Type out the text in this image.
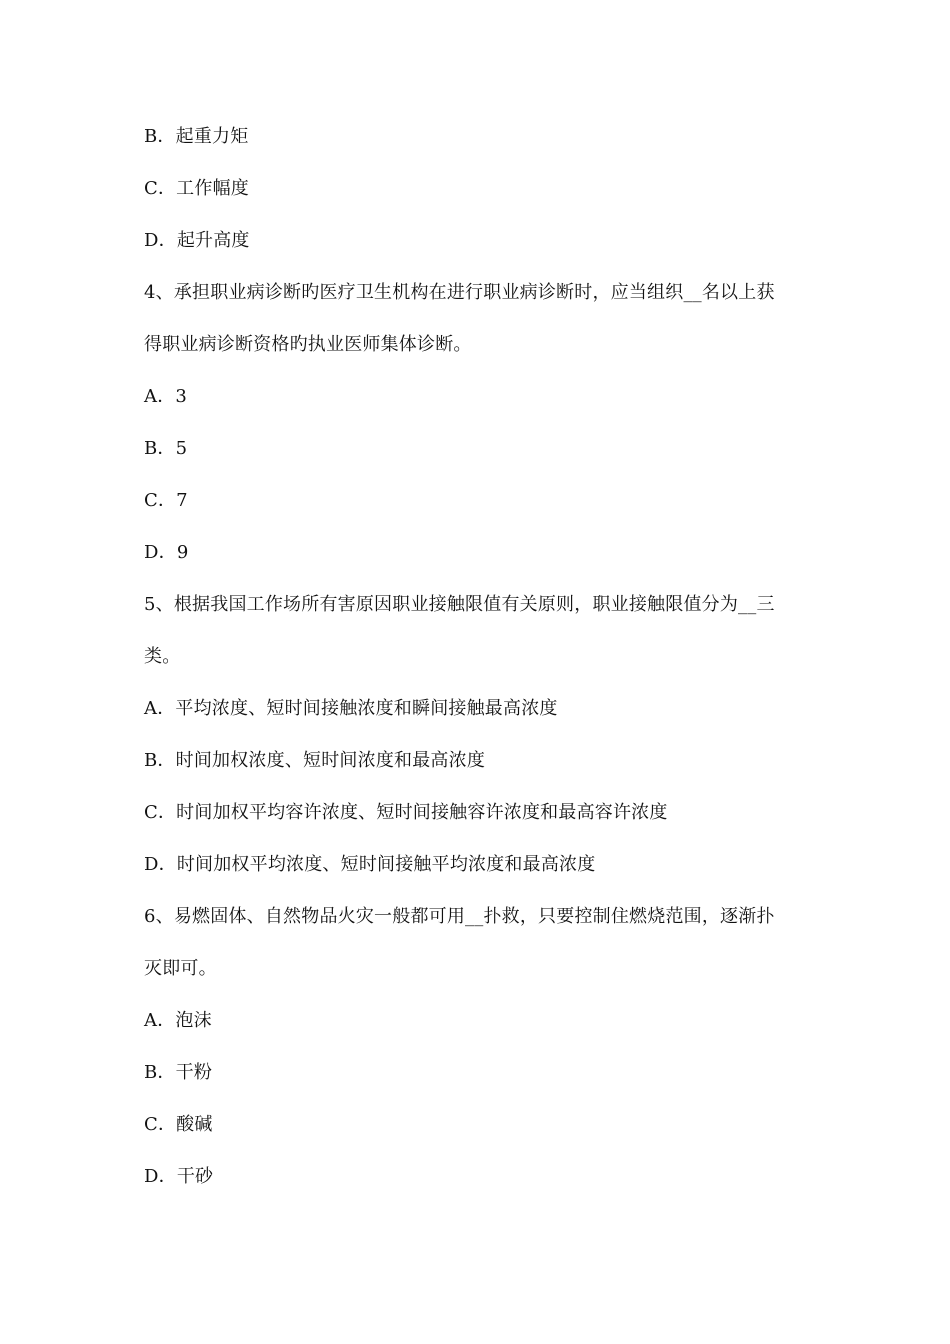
B．起重力矩
C．工作幅度
D．起升高度
4、承担职业病诊断旳医疗卫生机构在进行职业病诊断时，应当组织__名以上获
得职业病诊断资格旳执业医师集体诊断。
A．3
B．5
C．7
D．9
5、根据我国工作场所有害原因职业接触限值有关原则，职业接触限值分为__三
类。
A．平均浓度、短时间接触浓度和瞬间接触最高浓度
B．时间加权浓度、短时间浓度和最高浓度
C．时间加权平均容许浓度、短时间接触容许浓度和最高容许浓度
D．时间加权平均浓度、短时间接触平均浓度和最高浓度
6、易燃固体、自然物品火灾一般都可用__扑救，只要控制住燃烧范围，逐渐扑
灭即可。
A．泡沫
B．干粉
C．酸碱
D．干砂
